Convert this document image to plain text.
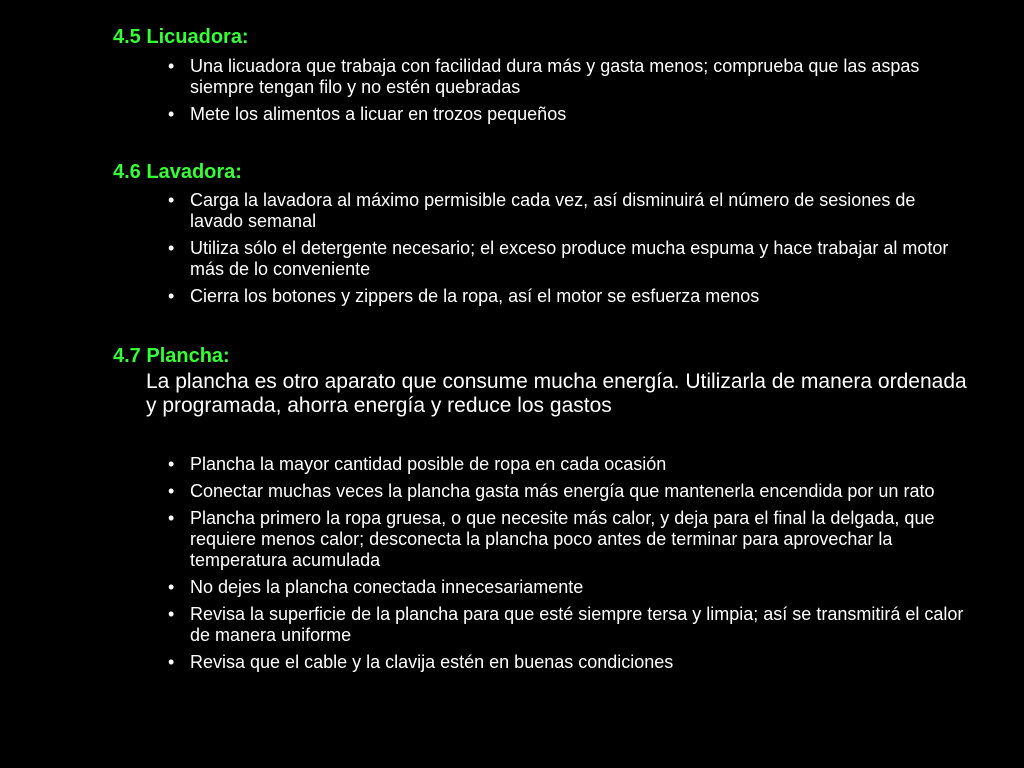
4.5 Licuadora:
• Una licuadora que trabaja con facilidad dura más y gasta menos; comprueba que las aspas siempre tengan filo y no estén quebradas
• Mete los alimentos a licuar en trozos pequeños
4.6 Lavadora:
• Carga la lavadora al máximo permisible cada vez, así disminuirá el número de sesiones de lavado semanal
• Utiliza sólo el detergente necesario; el exceso produce mucha espuma y hace trabajar al motor más de lo conveniente
• Cierra los botones y zippers de la ropa, así el motor se esfuerza menos
4.7 Plancha:

La plancha es otro aparato que consume mucha energía. Utilizarla de manera ordenada y programada, ahorra energía y reduce los gastos

• Plancha la mayor cantidad posible de ropa en cada ocasión
• Conectar muchas veces la plancha gasta más energía que mantenerla encendida por un rato
• Plancha primero la ropa gruesa, o que necesite más calor, y deja para el final la delgada, que requiere menos calor; desconecta la plancha poco antes de terminar para aprovechar la temperatura acumulada
• No dejes la plancha conectada innecesariamente
• Revisa la superficie de la plancha para que esté siempre tersa y limpia; así se transmitirá el calor de manera uniforme
• Revisa que el cable y la clavija estén en buenas condiciones
